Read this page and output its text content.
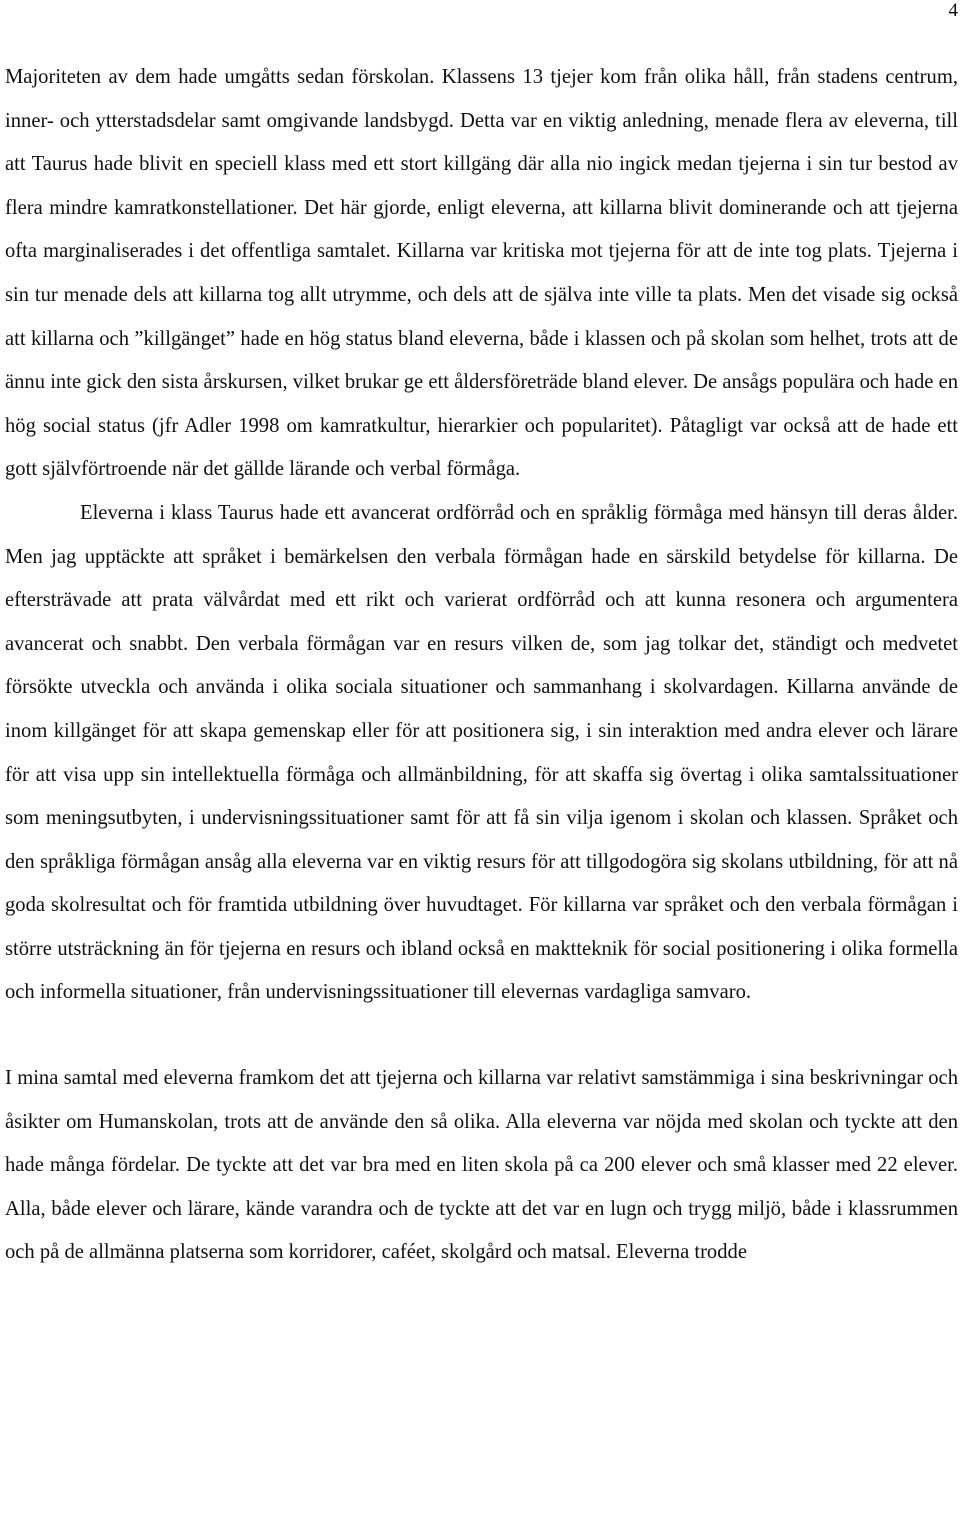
4

Majoriteten av dem hade umgåtts sedan förskolan. Klassens 13 tjejer kom från olika håll, från stadens centrum, inner- och ytterstadsdelar samt omgivande landsbygd. Detta var en viktig anledning, menade flera av eleverna, till att Taurus hade blivit en speciell klass med ett stort killgäng där alla nio ingick medan tjejerna i sin tur bestod av flera mindre kamratkonstellationer. Det här gjorde, enligt eleverna, att killarna blivit dominerande och att tjejerna ofta marginaliserades i det offentliga samtalet. Killarna var kritiska mot tjejerna för att de inte tog plats. Tjejerna i sin tur menade dels att killarna tog allt utrymme, och dels att de själva inte ville ta plats. Men det visade sig också att killarna och ”killgänget” hade en hög status bland eleverna, både i klassen och på skolan som helhet, trots att de ännu inte gick den sista årskursen, vilket brukar ge ett åldersföreträde bland elever. De ansågs populära och hade en hög social status (jfr Adler 1998 om kamratkultur, hierarkier och popularitet). Påtagligt var också att de hade ett gott självförtroende när det gällde lärande och verbal förmåga.

Eleverna i klass Taurus hade ett avancerat ordförråd och en språklig förmåga med hänsyn till deras ålder. Men jag upptäckte att språket i bemärkelsen den verbala förmågan hade en särskild betydelse för killarna. De eftersträvade att prata välvårdat med ett rikt och varierat ordförråd och att kunna resonera och argumentera avancerat och snabbt. Den verbala förmågan var en resurs vilken de, som jag tolkar det, ständigt och medvetet försökte utveckla och använda i olika sociala situationer och sammanhang i skolvardagen. Killarna använde de inom killgänget för att skapa gemenskap eller för att positionera sig, i sin interaktion med andra elever och lärare för att visa upp sin intellektuella förmåga och allmänbildning, för att skaffa sig övertag i olika samtalssituationer som meningsutbyten, i undervisningssituationer samt för att få sin vilja igenom i skolan och klassen. Språket och den språkliga förmågan ansåg alla eleverna var en viktig resurs för att tillgodogöra sig skolans utbildning, för att nå goda skolresultat och för framtida utbildning över huvudtaget. För killarna var språket och den verbala förmågan i större utsträckning än för tjejerna en resurs och ibland också en maktteknik för social positionering i olika formella och informella situationer, från undervisningssituationer till elevernas vardagliga samvaro.

I mina samtal med eleverna framkom det att tjejerna och killarna var relativt samstämmiga i sina beskrivningar och åsikter om Humanskolan, trots att de använde den så olika. Alla eleverna var nöjda med skolan och tyckte att den hade många fördelar. De tyckte att det var bra med en liten skola på ca 200 elever och små klasser med 22 elever. Alla, både elever och lärare, kände varandra och de tyckte att det var en lugn och trygg miljö, både i klassrummen och på de allmänna platserna som korridorer, caféet, skolgård och matsal. Eleverna trodde
